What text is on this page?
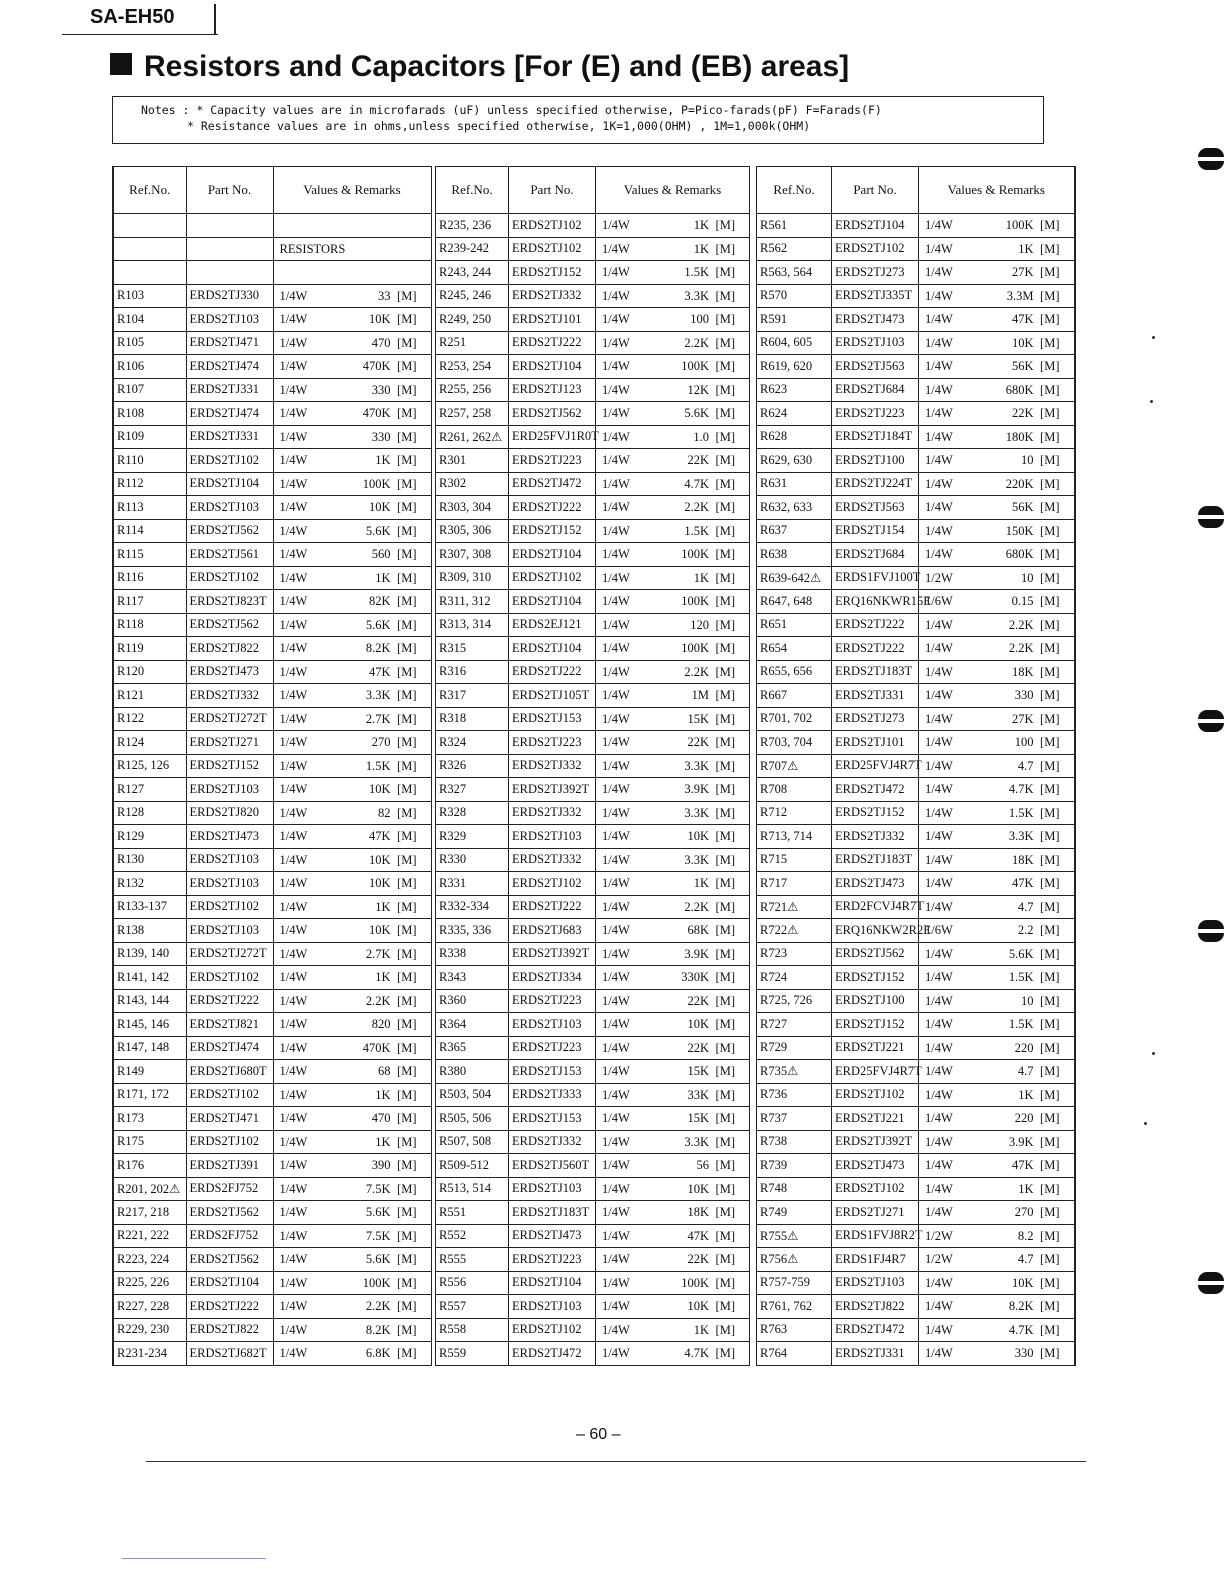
SA-EH50
Resistors and Capacitors [For (E) and (EB) areas]
Notes : * Capacity values are in microfarads (uF) unless specified otherwise, P=Pico-farads(pF) F=Farads(F)
* Resistance values are in ohms,unless specified otherwise, 1K=1,000(OHM) , 1M=1,000k(OHM)
Ref.No.	Part No.	Values & Remarks

		RESISTORS

R103	ERDS2TJ330	1/4W 33 [M]

R104	ERDS2TJ103	1/4W 10K [M]

R105	ERDS2TJ471	1/4W 470 [M]

R106	ERDS2TJ474	1/4W 470K [M]

R107	ERDS2TJ331	1/4W 330 [M]

R108	ERDS2TJ474	1/4W 470K [M]

R109	ERDS2TJ331	1/4W 330 [M]

R110	ERDS2TJ102	1/4W 1K [M]

R112	ERDS2TJ104	1/4W 100K [M]

R113	ERDS2TJ103	1/4W 10K [M]

R114	ERDS2TJ562	1/4W 5.6K [M]

R115	ERDS2TJ561	1/4W 560 [M]

R116	ERDS2TJ102	1/4W 1K [M]

R117	ERDS2TJ823T	1/4W 82K [M]

R118	ERDS2TJ562	1/4W 5.6K [M]

R119	ERDS2TJ822	1/4W 8.2K [M]

R120	ERDS2TJ473	1/4W 47K [M]

R121	ERDS2TJ332	1/4W 3.3K [M]

R122	ERDS2TJ272T	1/4W 2.7K [M]

R124	ERDS2TJ271	1/4W 270 [M]

R125, 126	ERDS2TJ152	1/4W 1.5K [M]

R127	ERDS2TJ103	1/4W 10K [M]

R128	ERDS2TJ820	1/4W 82 [M]

R129	ERDS2TJ473	1/4W 47K [M]

R130	ERDS2TJ103	1/4W 10K [M]

R132	ERDS2TJ103	1/4W 10K [M]

R133-137	ERDS2TJ102	1/4W 1K [M]

R138	ERDS2TJ103	1/4W 10K [M]

R139, 140	ERDS2TJ272T	1/4W 2.7K [M]

R141, 142	ERDS2TJ102	1/4W 1K [M]

R143, 144	ERDS2TJ222	1/4W 2.2K [M]

R145, 146	ERDS2TJ821	1/4W 820 [M]

R147, 148	ERDS2TJ474	1/4W 470K [M]

R149	ERDS2TJ680T	1/4W 68 [M]

R171, 172	ERDS2TJ102	1/4W 1K [M]

R173	ERDS2TJ471	1/4W 470 [M]

R175	ERDS2TJ102	1/4W 1K [M]

R176	ERDS2TJ391	1/4W 390 [M]

R201, 202⚠	ERDS2FJ752	1/4W 7.5K [M]

R217, 218	ERDS2TJ562	1/4W 5.6K [M]

R221, 222	ERDS2FJ752	1/4W 7.5K [M]

R223, 224	ERDS2TJ562	1/4W 5.6K [M]

R225, 226	ERDS2TJ104	1/4W 100K [M]

R227, 228	ERDS2TJ222	1/4W 2.2K [M]

R229, 230	ERDS2TJ822	1/4W 8.2K [M]

R231-234	ERDS2TJ682T	1/4W 6.8K [M]
Ref.No.	Part No.	Values & Remarks
R235, 236	ERDS2TJ102	1/4W 1K [M]

R239-242	ERDS2TJ102	1/4W 1K [M]

R243, 244	ERDS2TJ152	1/4W 1.5K [M]

R245, 246	ERDS2TJ332	1/4W 3.3K [M]

R249, 250	ERDS2TJ101	1/4W 100 [M]

R251	ERDS2TJ222	1/4W 2.2K [M]

R253, 254	ERDS2TJ104	1/4W 100K [M]

R255, 256	ERDS2TJ123	1/4W 12K [M]

R257, 258	ERDS2TJ562	1/4W 5.6K [M]

R261, 262⚠	ERD25FVJ1R0T	1/4W 1.0 [M]

R301	ERDS2TJ223	1/4W 22K [M]

R302	ERDS2TJ472	1/4W 4.7K [M]

R303, 304	ERDS2TJ222	1/4W 2.2K [M]

R305, 306	ERDS2TJ152	1/4W 1.5K [M]

R307, 308	ERDS2TJ104	1/4W 100K [M]

R309, 310	ERDS2TJ102	1/4W 1K [M]

R311, 312	ERDS2TJ104	1/4W 100K [M]

R313, 314	ERDS2EJ121	1/4W 120 [M]

R315	ERDS2TJ104	1/4W 100K [M]

R316	ERDS2TJ222	1/4W 2.2K [M]

R317	ERDS2TJ105T	1/4W 1M [M]

R318	ERDS2TJ153	1/4W 15K [M]

R324	ERDS2TJ223	1/4W 22K [M]

R326	ERDS2TJ332	1/4W 3.3K [M]

R327	ERDS2TJ392T	1/4W 3.9K [M]

R328	ERDS2TJ332	1/4W 3.3K [M]

R329	ERDS2TJ103	1/4W 10K [M]

R330	ERDS2TJ332	1/4W 3.3K [M]

R331	ERDS2TJ102	1/4W 1K [M]

R332-334	ERDS2TJ222	1/4W 2.2K [M]

R335, 336	ERDS2TJ683	1/4W 68K [M]

R338	ERDS2TJ392T	1/4W 3.9K [M]

R343	ERDS2TJ334	1/4W 330K [M]

R360	ERDS2TJ223	1/4W 22K [M]

R364	ERDS2TJ103	1/4W 10K [M]

R365	ERDS2TJ223	1/4W 22K [M]

R380	ERDS2TJ153	1/4W 15K [M]

R503, 504	ERDS2TJ333	1/4W 33K [M]

R505, 506	ERDS2TJ153	1/4W 15K [M]

R507, 508	ERDS2TJ332	1/4W 3.3K [M]

R509-512	ERDS2TJ560T	1/4W 56 [M]

R513, 514	ERDS2TJ103	1/4W 10K [M]

R551	ERDS2TJ183T	1/4W 18K [M]

R552	ERDS2TJ473	1/4W 47K [M]

R555	ERDS2TJ223	1/4W 22K [M]

R556	ERDS2TJ104	1/4W 100K [M]

R557	ERDS2TJ103	1/4W 10K [M]

R558	ERDS2TJ102	1/4W 1K [M]

R559	ERDS2TJ472	1/4W 4.7K [M]
Ref.No.	Part No.	Values & Remarks
R561	ERDS2TJ104	1/4W 100K [M]

R562	ERDS2TJ102	1/4W 1K [M]

R563, 564	ERDS2TJ273	1/4W 27K [M]

R570	ERDS2TJ335T	1/4W 3.3M [M]

R591	ERDS2TJ473	1/4W 47K [M]

R604, 605	ERDS2TJ103	1/4W 10K [M]

R619, 620	ERDS2TJ563	1/4W 56K [M]

R623	ERDS2TJ684	1/4W 680K [M]

R624	ERDS2TJ223	1/4W 22K [M]

R628	ERDS2TJ184T	1/4W 180K [M]

R629, 630	ERDS2TJ100	1/4W 10 [M]

R631	ERDS2TJ224T	1/4W 220K [M]

R632, 633	ERDS2TJ563	1/4W 56K [M]

R637	ERDS2TJ154	1/4W 150K [M]

R638	ERDS2TJ684	1/4W 680K [M]

R639-642⚠	ERDS1FVJ100T	1/2W 10 [M]

R647, 648	ERQ16NKWR15E	1/6W 0.15 [M]

R651	ERDS2TJ222	1/4W 2.2K [M]

R654	ERDS2TJ222	1/4W 2.2K [M]

R655, 656	ERDS2TJ183T	1/4W 18K [M]

R667	ERDS2TJ331	1/4W 330 [M]

R701, 702	ERDS2TJ273	1/4W 27K [M]

R703, 704	ERDS2TJ101	1/4W 100 [M]

R707⚠	ERD25FVJ4R7T	1/4W 4.7 [M]

R708	ERDS2TJ472	1/4W 4.7K [M]

R712	ERDS2TJ152	1/4W 1.5K [M]

R713, 714	ERDS2TJ332	1/4W 3.3K [M]

R715	ERDS2TJ183T	1/4W 18K [M]

R717	ERDS2TJ473	1/4W 47K [M]

R721⚠	ERD2FCVJ4R7T	1/4W 4.7 [M]

R722⚠	ERQ16NKW2R2E	1/6W 2.2 [M]

R723	ERDS2TJ562	1/4W 5.6K [M]

R724	ERDS2TJ152	1/4W 1.5K [M]

R725, 726	ERDS2TJ100	1/4W 10 [M]

R727	ERDS2TJ152	1/4W 1.5K [M]

R729	ERDS2TJ221	1/4W 220 [M]

R735⚠	ERD25FVJ4R7T	1/4W 4.7 [M]

R736	ERDS2TJ102	1/4W 1K [M]

R737	ERDS2TJ221	1/4W 220 [M]

R738	ERDS2TJ392T	1/4W 3.9K [M]

R739	ERDS2TJ473	1/4W 47K [M]

R748	ERDS2TJ102	1/4W 1K [M]

R749	ERDS2TJ271	1/4W 270 [M]

R755⚠	ERDS1FVJ8R2T	1/2W 8.2 [M]

R756⚠	ERDS1FJ4R7	1/2W 4.7 [M]

R757-759	ERDS2TJ103	1/4W 10K [M]

R761, 762	ERDS2TJ822	1/4W 8.2K [M]

R763	ERDS2TJ472	1/4W 4.7K [M]

R764	ERDS2TJ331	1/4W 330 [M]
– 60 –
